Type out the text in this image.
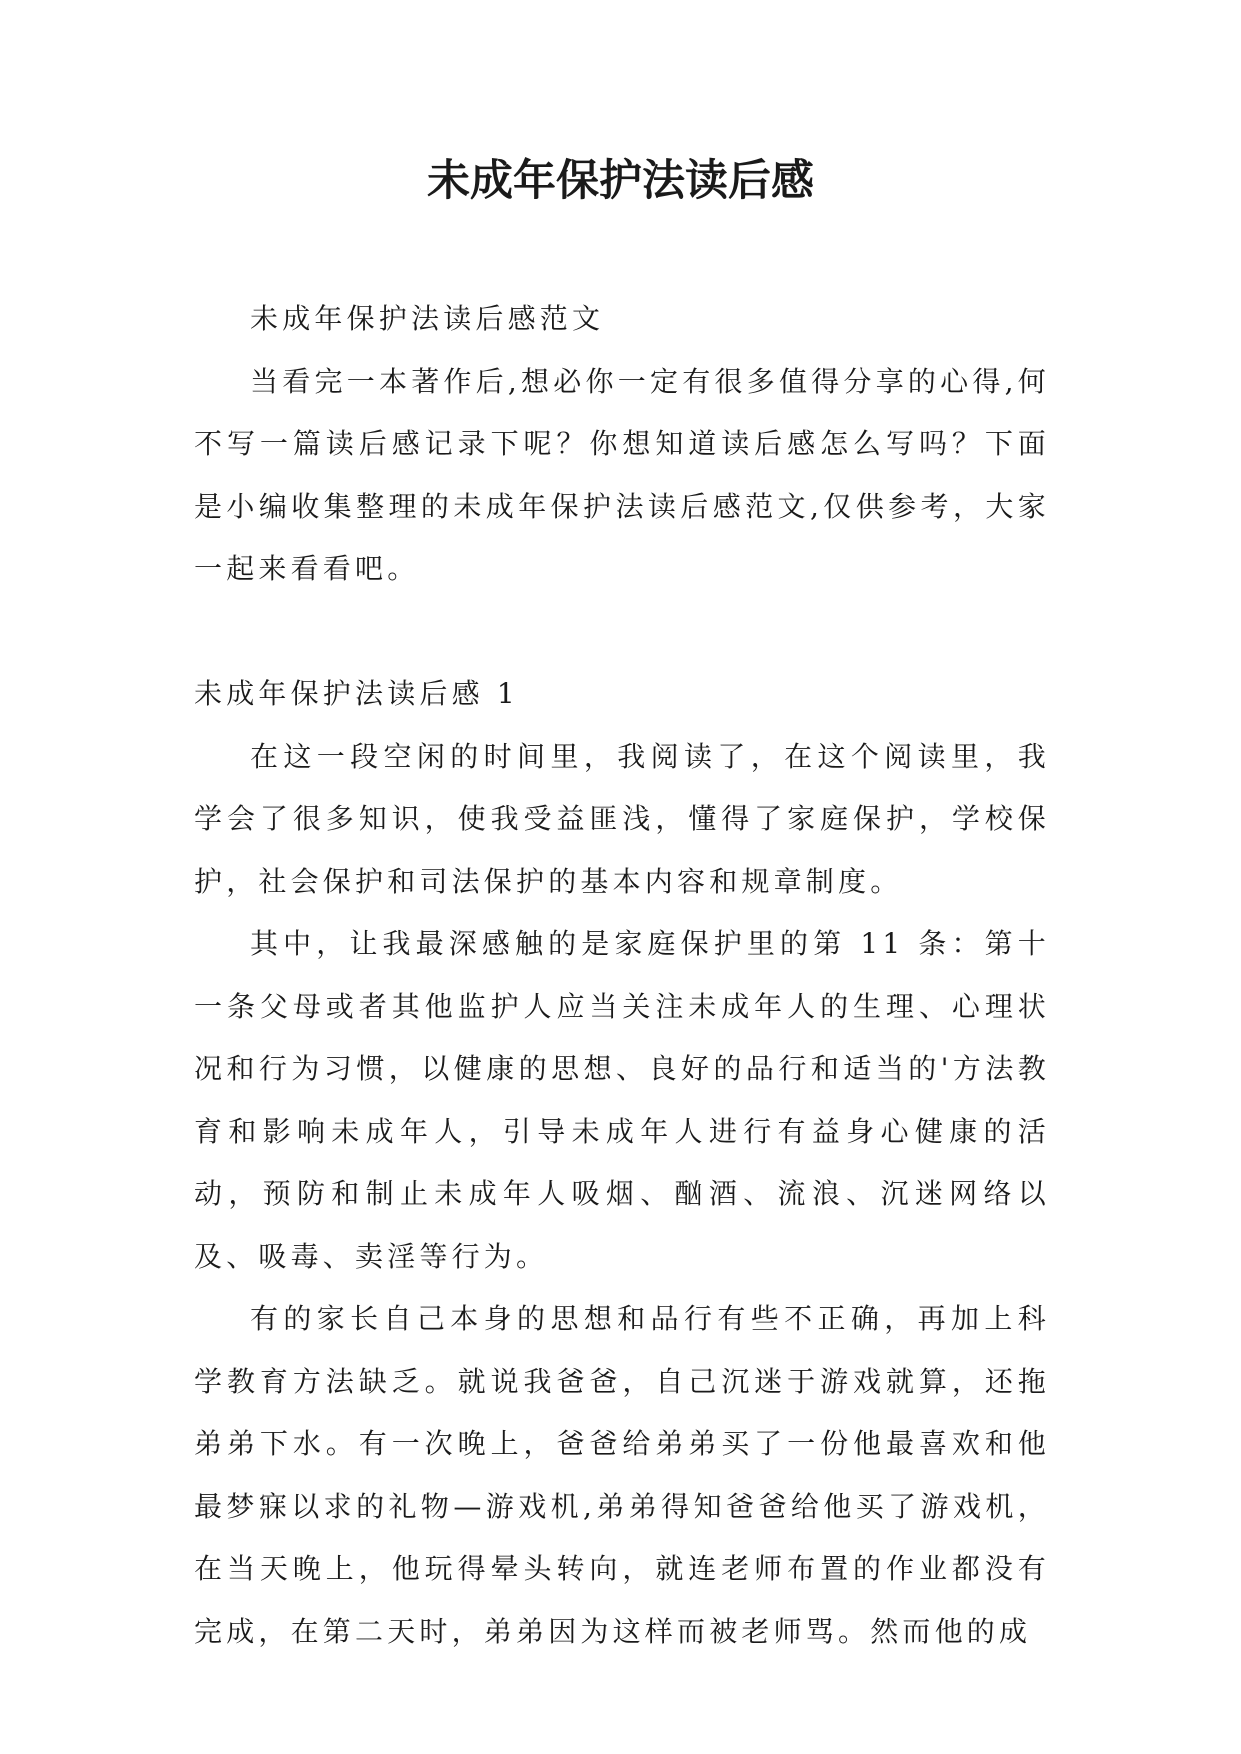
未成年保护法读后感

未成年保护法读后感范文

当看完一本著作后,想必你一定有很多值得分享的心得,何不写一篇读后感记录下呢？你想知道读后感怎么写吗？下面是小编收集整理的未成年保护法读后感范文,仅供参考，大家一起来看看吧。

未成年保护法读后感 1

在这一段空闲的时间里，我阅读了，在这个阅读里，我学会了很多知识，使我受益匪浅，懂得了家庭保护，学校保护，社会保护和司法保护的基本内容和规章制度。

其中，让我最深感触的是家庭保护里的第 11 条：第十一条父母或者其他监护人应当关注未成年人的生理、心理状况和行为习惯，以健康的思想、良好的品行和适当的'方法教育和影响未成年人，引导未成年人进行有益身心健康的活动，预防和制止未成年人吸烟、酗酒、流浪、沉迷网络以及、吸毒、卖淫等行为。

有的家长自己本身的思想和品行有些不正确，再加上科学教育方法缺乏。就说我爸爸，自己沉迷于游戏就算，还拖弟弟下水。有一次晚上，爸爸给弟弟买了一份他最喜欢和他最梦寐以求的礼物—游戏机,弟弟得知爸爸给他买了游戏机，在当天晚上，他玩得晕头转向，就连老师布置的作业都没有完成，在第二天时，弟弟因为这样而被老师骂。然而他的成
